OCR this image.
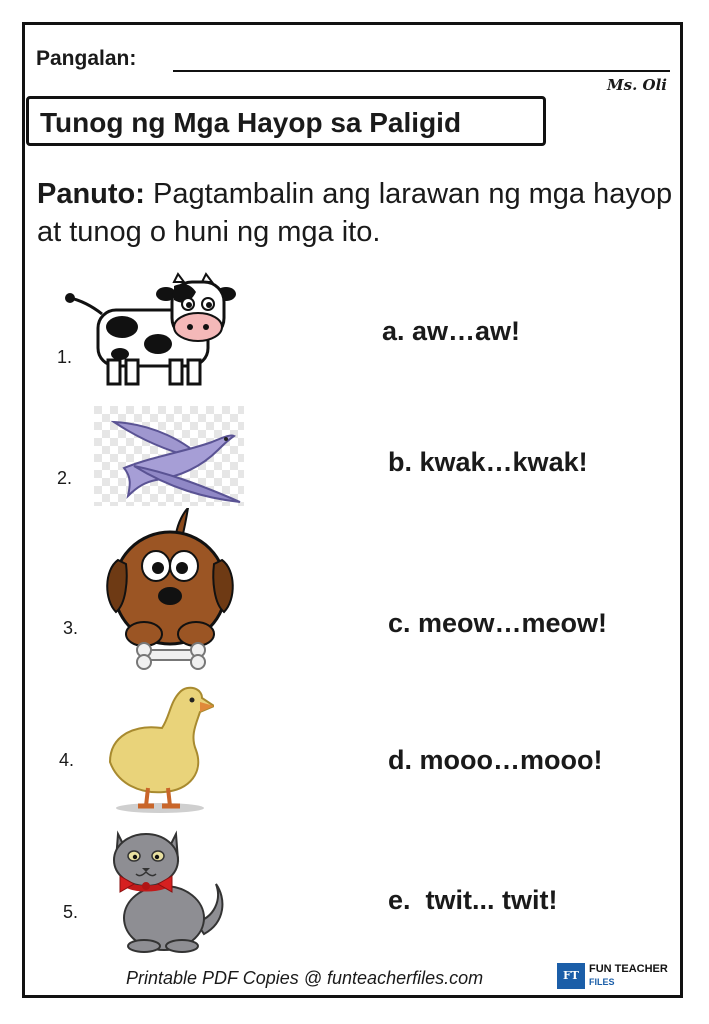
Pangalan:
Ms. Oli
Tunog ng Mga Hayop sa Paligid
Panuto: Pagtambalin ang larawan ng mga hayop at tunog o huni ng mga ito.
1.
2.
3.
4.
5.
a. aw…aw!
b. kwak…kwak!
c. meow…meow!
d. mooo…mooo!
e.  twit... twit!
Printable PDF Copies @ funteacherfiles.com	FT FUN TEACHER
FILES
